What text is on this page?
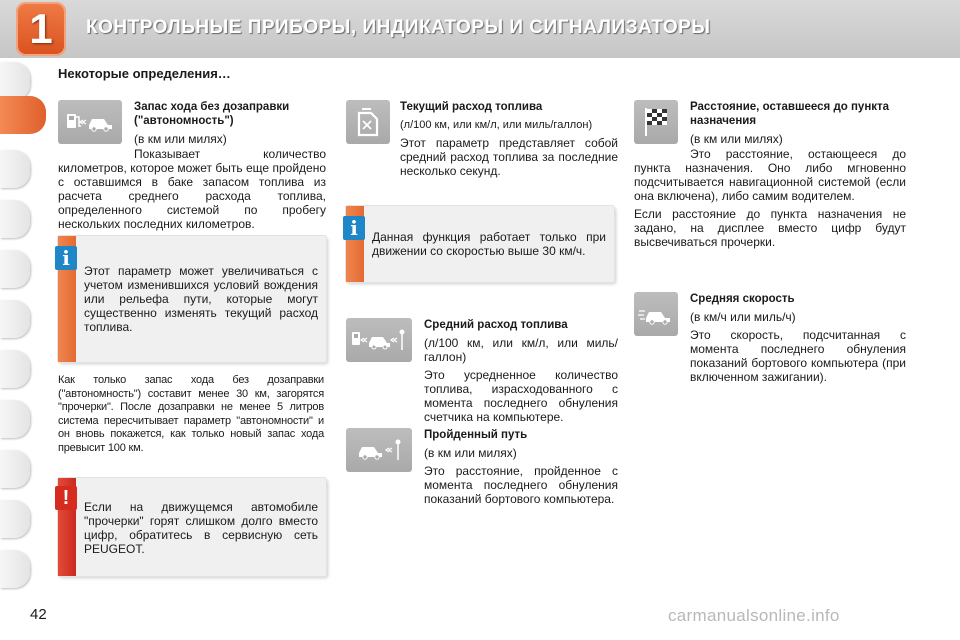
1	КОНТРОЛЬНЫЕ ПРИБОРЫ, ИНДИКАТОРЫ И СИГНАЛИЗАТОРЫ
Некоторые определения…

Запас хода без дозаправки ("автономность")

(в км или милях)

Показывает количество километров, которое может быть еще пройдено с оставшимся в баке запасом топлива из расчета среднего расхода топлива, определенного системой по пробегу нескольких последних километров.

Этот параметр может увеличиваться с учетом изменившихся условий вождения или рельефа пути, которые могут существенно изменять текущий расход топлива.
i
Как только запас хода без дозаправки ("автономность") составит менее 30 км, загорятся "прочерки". После дозаправки не менее 5 литров система пересчитывает параметр "автономности" и он вновь покажется, как только новый запас хода превысит 100 км.
Если на движущемся автомобиле "прочерки" горят слишком долго вместо цифр, обратитесь в сервисную сеть PEUGEOT.
!

Текущий расход топлива

(л/100 км, или км/л, или миль/галлон)

Этот параметр представляет собой средний расход топлива за последние несколько секунд.

Данная функция работает только при движении со скоростью выше 30 км/ч.
i

Средний расход топлива

(л/100 км, или км/л, или миль/галлон)

Это усредненное количество топлива, израсходованного с момента последнего обнуления счетчика на компьютере.

Пройденный путь

(в км или милях)

Это расстояние, пройденное с момента последнего обнуления показаний бортового компьютера.

Расстояние, оставшееся до пункта назначения

(в км или милях)

Это расстояние, остающееся до пункта назначения. Оно либо мгновенно подсчитывается навигационной системой (если она включена), либо самим водителем.

Если расстояние до пункта назначения не задано, на дисплее вместо цифр будут высвечиваться прочерки.

Средняя скорость

(в км/ч или миль/ч)

Это скорость, подсчитанная с момента последнего обнуления показаний бортового компьютера (при включенном зажигании).

42	carmanualsonline.info
